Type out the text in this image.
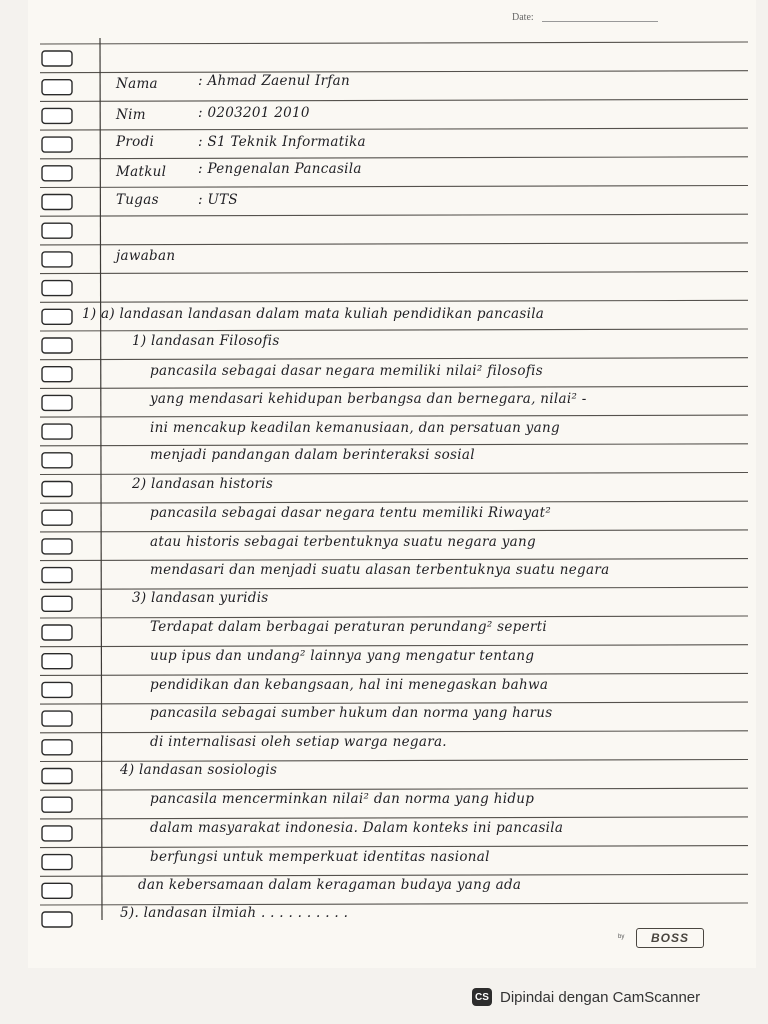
Date:
Nama	: Ahmad Zaenul Irfan
Nim	: 0203201 2010
Prodi	: S1 Teknik Informatika
Matkul : Pengenalan Pancasila
Tugas	: UTS
jawaban
1) a) landasan landasan dalam mata kuliah pendidikan pancasila
1) landasan Filosofis
pancasila sebagai dasar negara memiliki nilai² filosofis
yang mendasari kehidupan berbangsa dan bernegara, nilai² -
ini mencakup keadilan kemanusiaan, dan persatuan yang
menjadi pandangan dalam berinteraksi sosial
2) landasan historis
pancasila sebagai dasar negara tentu memiliki Riwayat²
atau historis sebagai terbentuknya suatu negara yang
mendasari dan menjadi suatu alasan terbentuknya suatu negara
3) landasan yuridis
Terdapat dalam berbagai peraturan perundang² seperti
uup ipus dan undang² lainnya yang mengatur tentang
pendidikan dan kebangsaan, hal ini menegaskan bahwa
pancasila sebagai sumber hukum dan norma yang harus
di internalisasi oleh setiap warga negara.
4) landasan sosiologis
pancasila mencerminkan nilai² dan norma yang hidup
dalam masyarakat indonesia. Dalam konteks ini pancasila
berfungsi untuk memperkuat identitas nasional
dan kebersamaan dalam keragaman budaya yang ada
5). landasan ilmiah . . . . . . . . . .
by	BOSS
CS Dipindai dengan CamScanner
